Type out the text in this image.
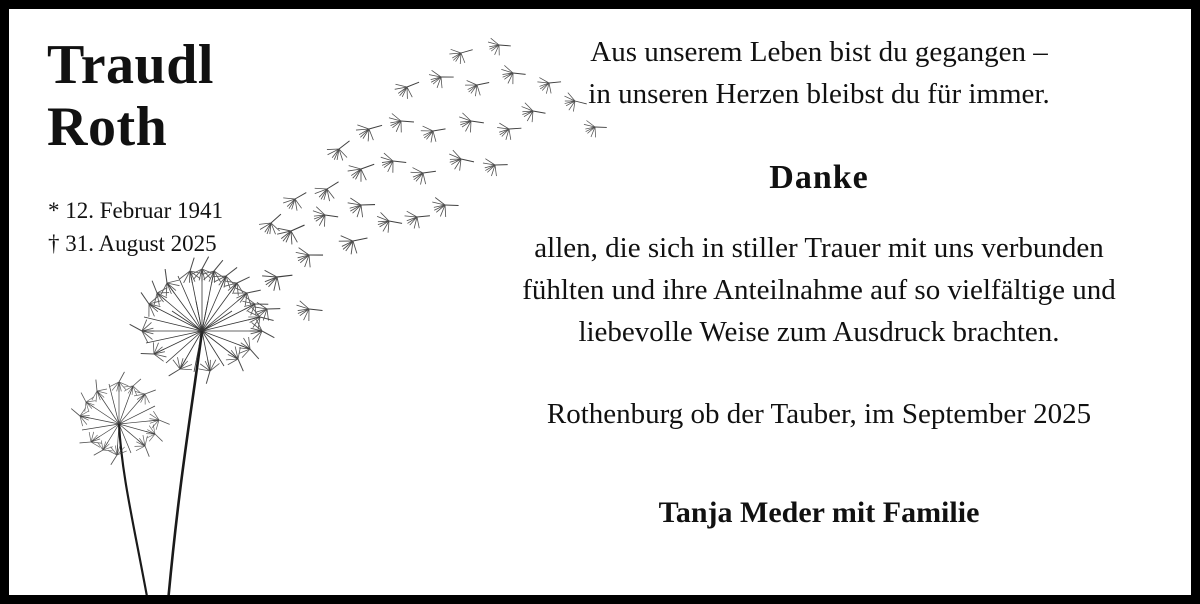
Traudl
Roth
* 12. Februar 1941
† 31. August 2025
Aus unserem Leben bist du gegangen –
in unseren Herzen bleibst du für immer.
Danke
allen, die sich in stiller Trauer mit uns verbunden
fühlten und ihre Anteilnahme auf so vielfältige und
liebevolle Weise zum Ausdruck brachten.
Rothenburg ob der Tauber, im September 2025
Tanja Meder mit Familie
